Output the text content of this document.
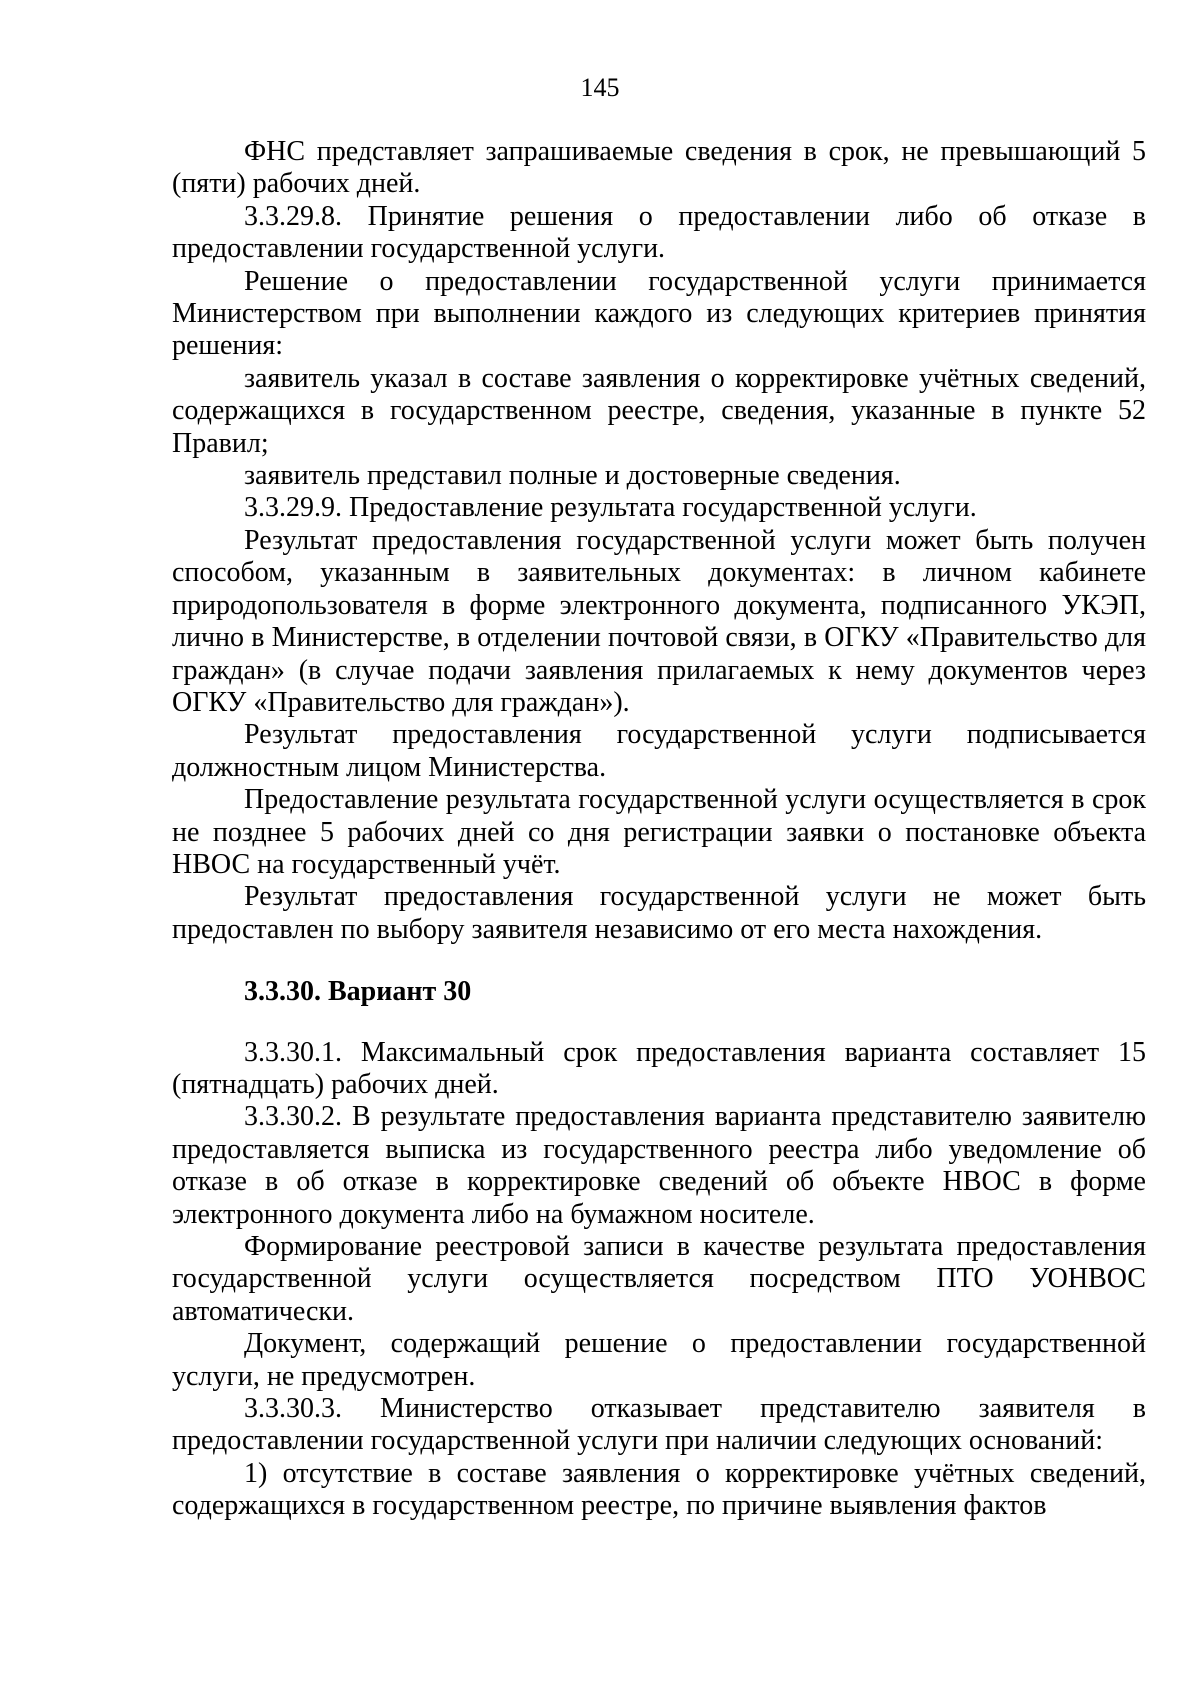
145

ФНС представляет запрашиваемые сведения в срок, не превышающий 5 (пяти) рабочих дней.

3.3.29.8. Принятие решения о предоставлении либо об отказе в предоставлении государственной услуги.

Решение о предоставлении государственной услуги принимается Министерством при выполнении каждого из следующих критериев принятия решения:

заявитель указал в составе заявления о корректировке учётных сведений, содержащихся в государственном реестре, сведения, указанные в пункте 52 Правил;

заявитель представил полные и достоверные сведения.

3.3.29.9. Предоставление результата государственной услуги.

Результат предоставления государственной услуги может быть получен способом, указанным в заявительных документах: в личном кабинете природопользователя в форме электронного документа, подписанного УКЭП, лично в Министерстве, в отделении почтовой связи, в ОГКУ «Правительство для граждан» (в случае подачи заявления прилагаемых к нему документов через ОГКУ «Правительство для граждан»).

Результат предоставления государственной услуги подписывается должностным лицом Министерства.

Предоставление результата государственной услуги осуществляется в срок не позднее 5 рабочих дней со дня регистрации заявки о постановке объекта НВОС на государственный учёт.

Результат предоставления государственной услуги не может быть предоставлен по выбору заявителя независимо от его места нахождения.

3.3.30. Вариант 30

3.3.30.1. Максимальный срок предоставления варианта составляет 15 (пятнадцать) рабочих дней.

3.3.30.2. В результате предоставления варианта представителю заявителю предоставляется выписка из государственного реестра либо уведомление об отказе в об отказе в корректировке сведений об объекте НВОС в форме электронного документа либо на бумажном носителе.

Формирование реестровой записи в качестве результата предоставления государственной услуги осуществляется посредством ПТО УОНВОС автоматически.

Документ, содержащий решение о предоставлении государственной услуги, не предусмотрен.

3.3.30.3. Министерство отказывает представителю заявителя в предоставлении государственной услуги при наличии следующих оснований:

1) отсутствие в составе заявления о корректировке учётных сведений, содержащихся в государственном реестре, по причине выявления фактов
